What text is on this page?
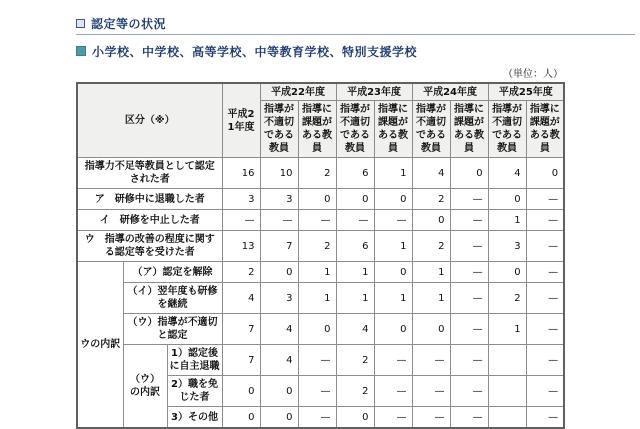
認定等の状況
小学校、中学校、高等学校、中等教育学校、特別支援学校
（単位：人）
区分（※）			平成21年度	平成22年度		平成23年度		平成24年度		平成25年度	
				指導が不適切である教員	指導に課題がある教員	指導が不適切である教員	指導に課題がある教員	指導が不適切である教員	指導に課題がある教員	指導が不適切である教員	指導に課題がある教員
指導力不足等教員として認定された者			16	10	2	6	1	4	0	4	0
ア　研修中に退職した者			3	3	0	0	0	2	—	0	—
イ　研修を中止した者			—	—	—	—	—	0	—	1	—
ウ　指導の改善の程度に関する認定等を受けた者			13	7	2	6	1	2	—	3	—
ウの内訳	（ア）認定を解除		2	0	1	1	0	1	—	0	—
	（イ）翌年度も研修を継続		4	3	1	1	1	1	—	2	—
	（ウ）指導が不適切と認定		7	4	0	4	0	0	—	1	—
	（ウ）の内訳	1）認定後に自主退職	7	4	—	2	—	—	—		—
		2）職を免じた者	0	0	—	2	—	—	—		—
		3）その他	0	0	—	0	—	—	—		—
